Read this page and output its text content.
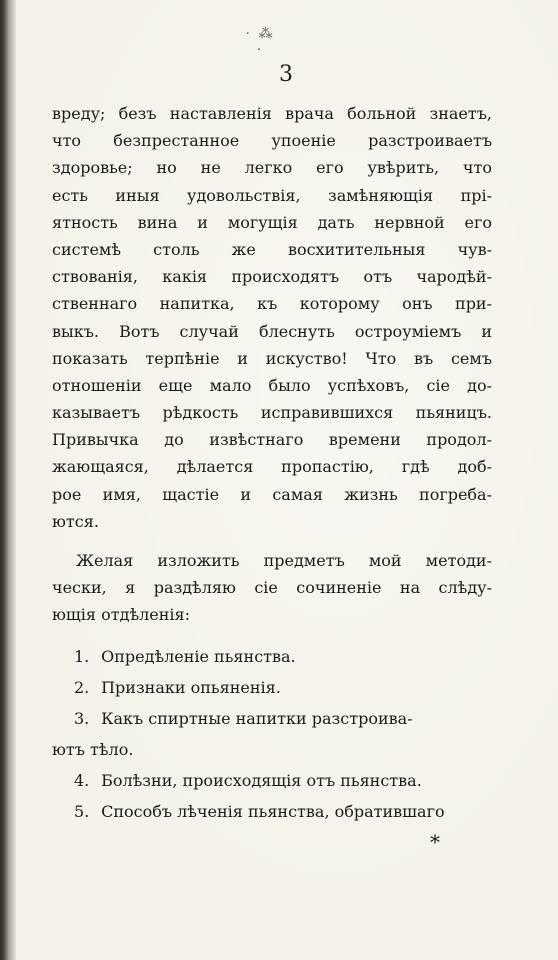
· ⁂ ·
3
вреду; безъ наставленія врача больной знаетъ,
что безпрестанное упоеніе разстроиваетъ
здоровье; но не легко его увѣрить, что
есть иныя удовольствія, замѣняющія прі-
ятность вина и могущія дать нервной его
системѣ столь же восхитительныя чув-
ствованія, какія происходятъ отъ чародѣй-
ственнаго напитка, къ которому онъ при-
выкъ. Вотъ случай блеснуть остроуміемъ и
показать терпѣніе и искуство! Что въ семъ
отношеніи еще мало было успѣховъ, сіе до-
казываетъ рѣдкость исправившихся пьяницъ.
Привычка до извѣстнаго времени продол-
жающаяся, дѣлается пропастію, гдѣ доб-
рое имя, щастіе и самая жизнь погреба-
ются.
Желая изложить предметъ мой методи-
чески, я раздѣляю сіе сочиненіе на слѣду-
ющія отдѣленія:
1. Опредѣленіе пьянства.
2. Признаки опьяненія.
3. Какъ спиртные напитки разстроива-
ютъ тѣло.
4. Болѣзни, происходящія отъ пьянства.
5. Способъ лѣченія пьянства, обратившаго
*
